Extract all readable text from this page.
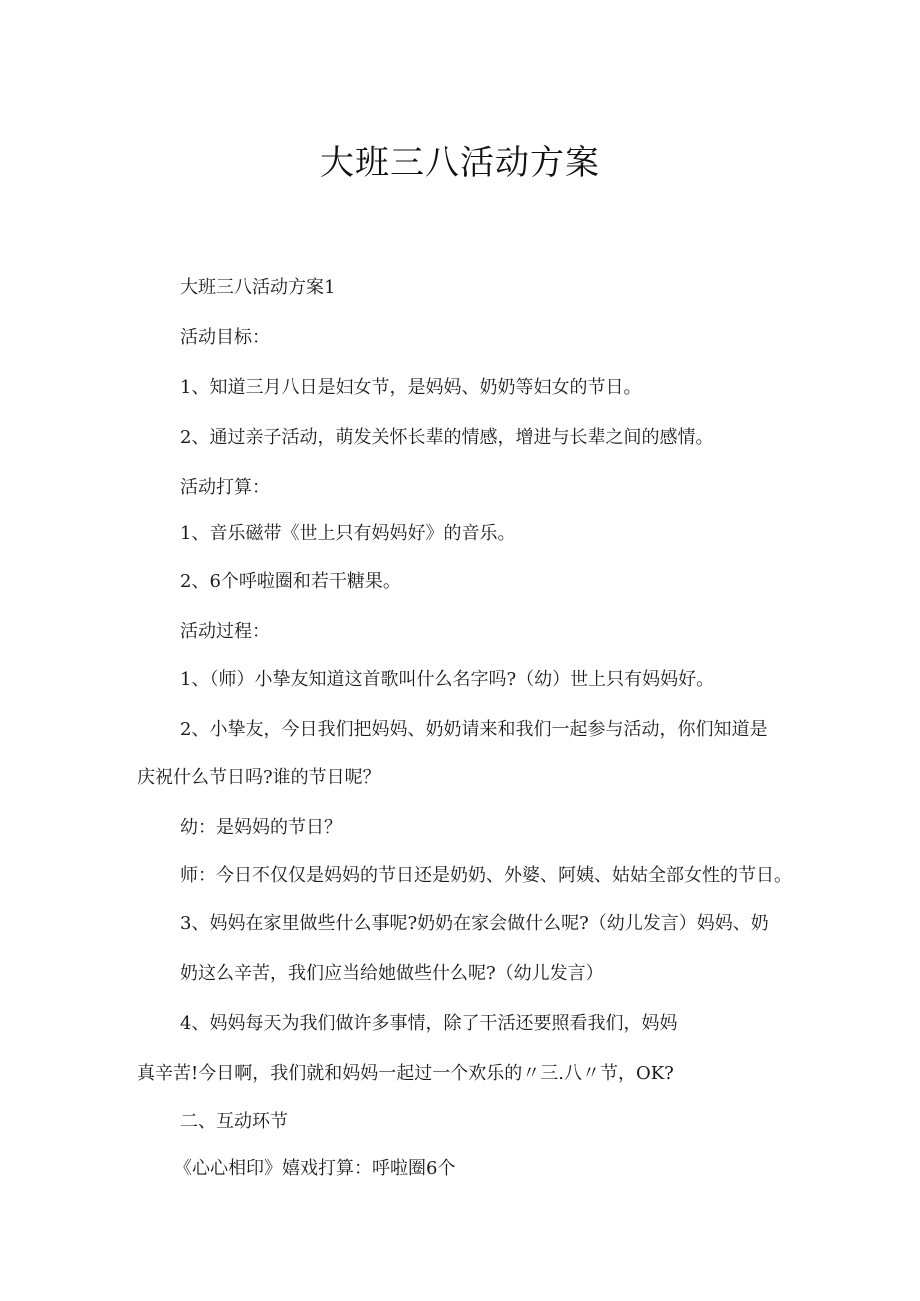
大班三八活动方案
大班三八活动方案1
活动目标：
1、知道三月八日是妇女节，是妈妈、奶奶等妇女的节日。
2、通过亲子活动，萌发关怀长辈的情感，增进与长辈之间的感情。
活动打算：
1、音乐磁带《世上只有妈妈好》的音乐。
2、6个呼啦圈和若干糖果。
活动过程：
1、（师）小挚友知道这首歌叫什么名字吗?（幼）世上只有妈妈好。
2、小挚友，今日我们把妈妈、奶奶请来和我们一起参与活动，你们知道是
庆祝什么节日吗?谁的节日呢？
幼：是妈妈的节日？
师：今日不仅仅是妈妈的节日还是奶奶、外婆、阿姨、姑姑全部女性的节日。
3、妈妈在家里做些什么事呢?奶奶在家会做什么呢?（幼儿发言）妈妈、奶
奶这么辛苦，我们应当给她做些什么呢?（幼儿发言）
4、妈妈每天为我们做许多事情，除了干活还要照看我们，妈妈
真辛苦!今日啊，我们就和妈妈一起过一个欢乐的〃三.八〃节，OK?
二、互动环节
《心心相印》嬉戏打算：呼啦圈6个
